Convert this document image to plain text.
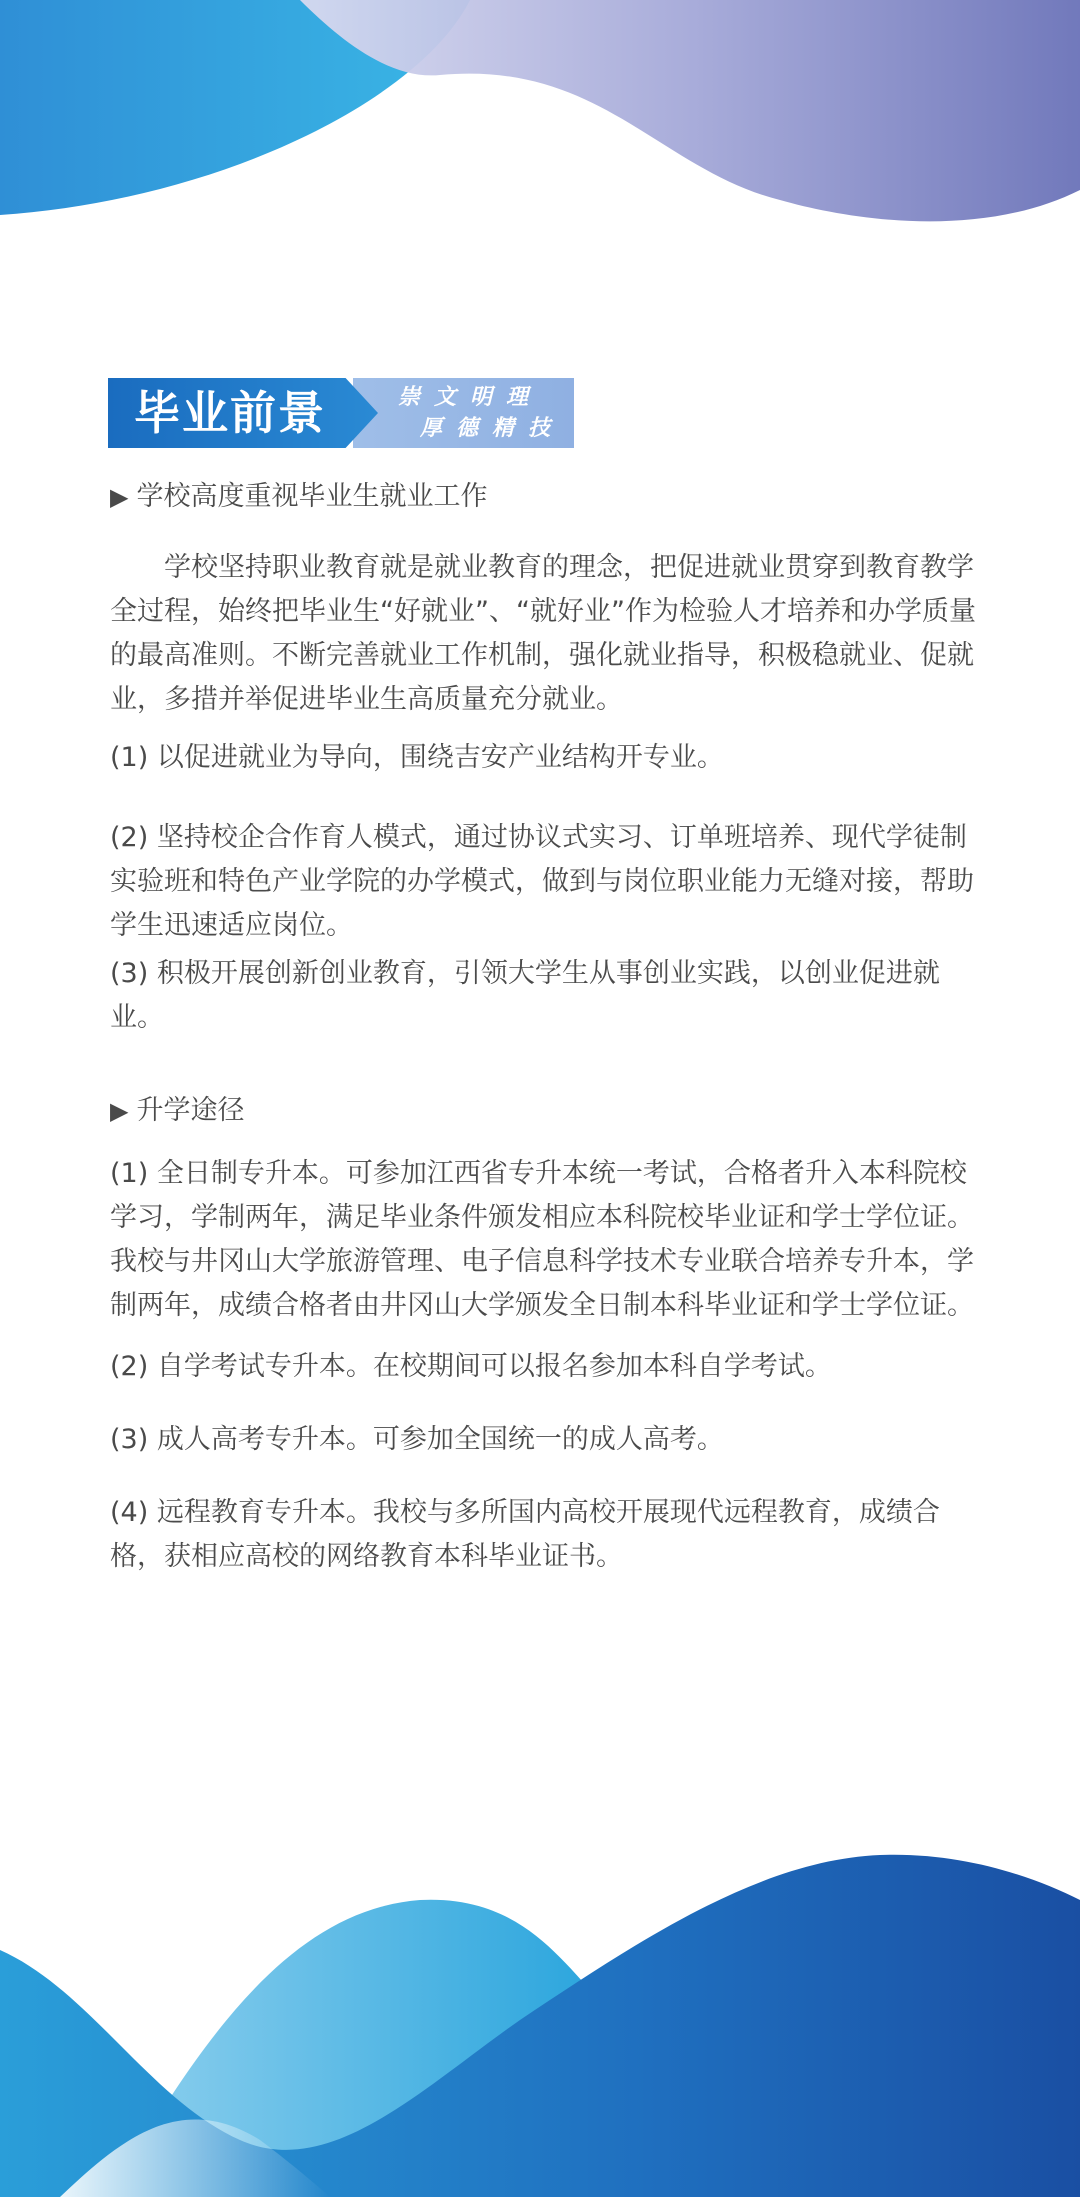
毕业前景	崇文明理
厚德精技
▶ 学校高度重视毕业生就业工作

学校坚持职业教育就是就业教育的理念，把促进就业贯穿到教育教学全过程，始终把毕业生“好就业”、“就好业”作为检验人才培养和办学质量的最高准则。不断完善就业工作机制，强化就业指导，积极稳就业、促就业，多措并举促进毕业生高质量充分就业。

(1) 以促进就业为导向，围绕吉安产业结构开专业。

(2) 坚持校企合作育人模式，通过协议式实习、订单班培养、现代学徒制实验班和特色产业学院的办学模式，做到与岗位职业能力无缝对接，帮助学生迅速适应岗位。

(3) 积极开展创新创业教育，引领大学生从事创业实践，以创业促进就业。

▶ 升学途径

(1) 全日制专升本。可参加江西省专升本统一考试，合格者升入本科院校学习，学制两年，满足毕业条件颁发相应本科院校毕业证和学士学位证。我校与井冈山大学旅游管理、电子信息科学技术专业联合培养专升本，学制两年，成绩合格者由井冈山大学颁发全日制本科毕业证和学士学位证。

(2) 自学考试专升本。在校期间可以报名参加本科自学考试。

(3) 成人高考专升本。可参加全国统一的成人高考。

(4) 远程教育专升本。我校与多所国内高校开展现代远程教育，成绩合格，获相应高校的网络教育本科毕业证书。
